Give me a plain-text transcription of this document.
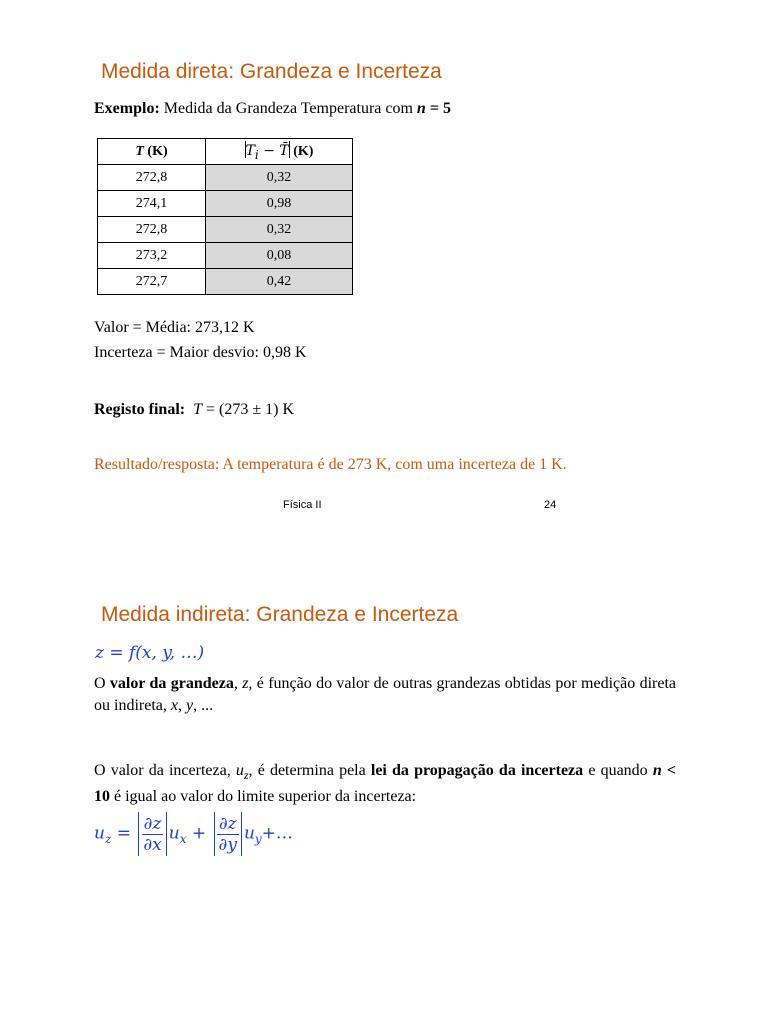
Medida direta: Grandeza e Incerteza
Exemplo: Medida da Grandeza Temperatura com n = 5
T (K)	$T_i$ − T̄ (K)
272,8	0,32
274,1	0,98
272,8	0,32
273,2	0,08
272,7	0,42
Valor = Média: 273,12 K
Incerteza = Maior desvio: 0,98 K
Registo final: T = (273 ± 1) K
Resultado/resposta: A temperatura é de 273 K, com uma incerteza de 1 K.
Física II	24
Medida indireta: Grandeza e Incerteza
z = f(x, y, …)
O valor da grandeza, z, é função do valor de outras grandezas obtidas por medição direta ou indireta, x, y, ...
O valor da incerteza, $u_z$, é determina pela lei da propagação da incerteza e quando n < 10 é igual ao valor do limite superior da incerteza:
$u_z = \frac{\partial z}{\partial x} u_x + \frac{\partial z}{\partial y}$ $u_y+\dots$
